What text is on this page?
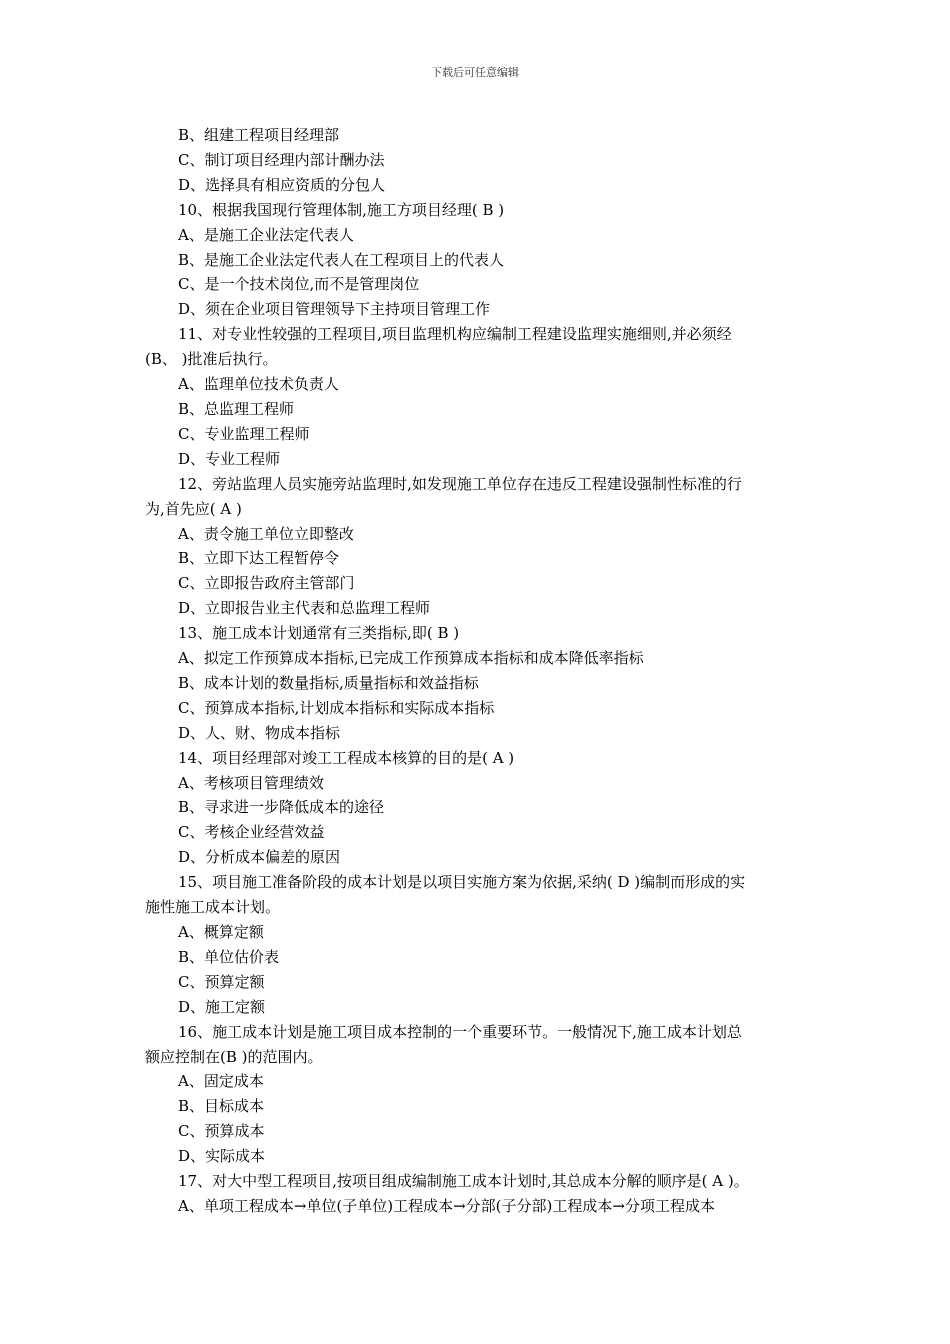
下载后可任意编辑
B、组建工程项目经理部
C、制订项目经理内部计酬办法
D、选择具有相应资质的分包人
10、根据我国现行管理体制,施工方项目经理( B )
A、是施工企业法定代表人
B、是施工企业法定代表人在工程项目上的代表人
C、是一个技术岗位,而不是管理岗位
D、须在企业项目管理领导下主持项目管理工作
11、对专业性较强的工程项目,项目监理机构应编制工程建设监理实施细则,并必须经
(B、 )批准后执行。
A、监理单位技术负责人
B、总监理工程师
C、专业监理工程师
D、专业工程师
12、旁站监理人员实施旁站监理时,如发现施工单位存在违反工程建设强制性标准的行
为,首先应( A )
A、责令施工单位立即整改
B、立即下达工程暂停令
C、立即报告政府主管部门
D、立即报告业主代表和总监理工程师
13、施工成本计划通常有三类指标,即( B )
A、拟定工作预算成本指标,已完成工作预算成本指标和成本降低率指标
B、成本计划的数量指标,质量指标和效益指标
C、预算成本指标,计划成本指标和实际成本指标
D、人、财、物成本指标
14、项目经理部对竣工工程成本核算的目的是( A )
A、考核项目管理绩效
B、寻求进一步降低成本的途径
C、考核企业经营效益
D、分析成本偏差的原因
15、项目施工准备阶段的成本计划是以项目实施方案为依据,采纳( D )编制而形成的实
施性施工成本计划。
A、概算定额
B、单位估价表
C、预算定额
D、施工定额
16、施工成本计划是施工项目成本控制的一个重要环节。一般情况下,施工成本计划总
额应控制在(B )的范围内。
A、固定成本
B、目标成本
C、预算成本
D、实际成本
17、对大中型工程项目,按项目组成编制施工成本计划时,其总成本分解的顺序是( A )。
A、单项工程成本→单位(子单位)工程成本→分部(子分部)工程成本→分项工程成本
